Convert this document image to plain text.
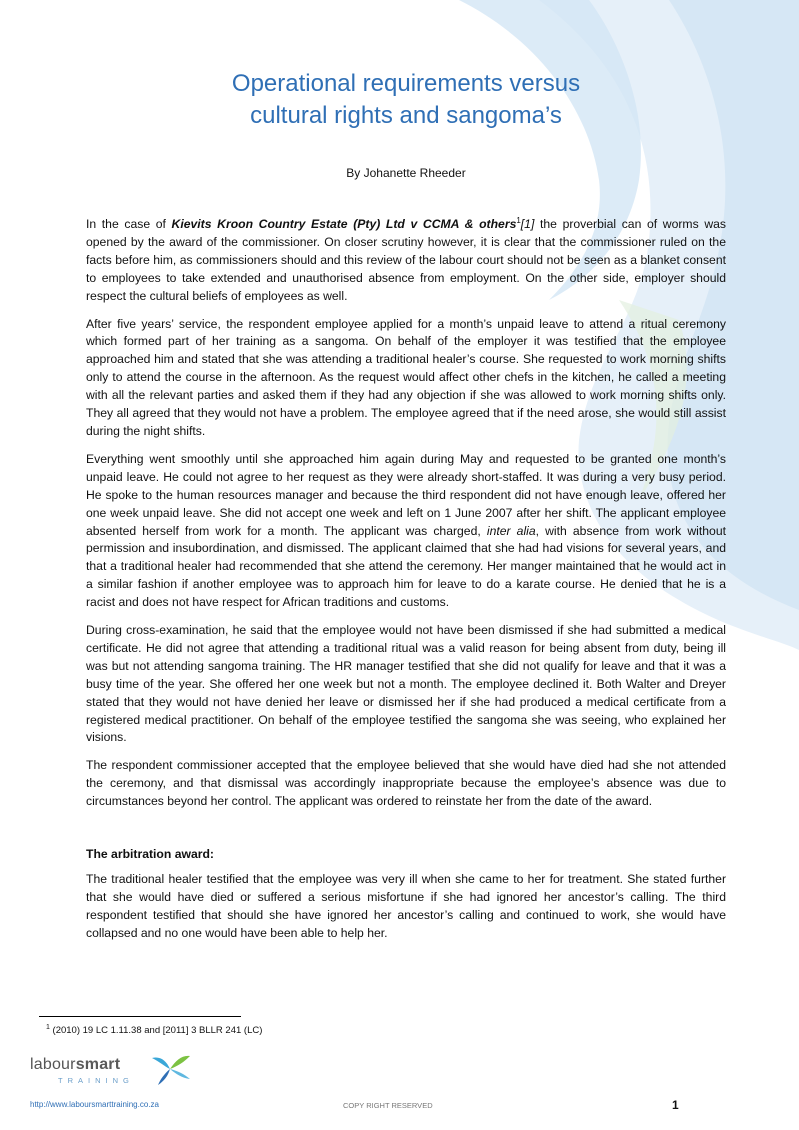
Operational requirements versus
cultural rights and sangoma’s
By Johanette Rheeder

In the case of Kievits Kroon Country Estate (Pty) Ltd v CCMA & others$^1$[1] the proverbial can of worms was opened by the award of the commissioner. On closer scrutiny however, it is clear that the commissioner ruled on the facts before him, as commissioners should and this review of the labour court should not be seen as a blanket consent to employees to take extended and unauthorised absence from employment. On the other side, employer should respect the cultural beliefs of employees as well.

After five years’ service, the respondent employee applied for a month’s unpaid leave to attend a ritual ceremony which formed part of her training as a sangoma. On behalf of the employer it was testified that the employee approached him and stated that she was attending a traditional healer’s course. She requested to work morning shifts only to attend the course in the afternoon. As the request would affect other chefs in the kitchen, he called a meeting with all the relevant parties and asked them if they had any objection if she was allowed to work morning shifts only. They all agreed that they would not have a problem. The employee agreed that if the need arose, she would still assist during the night shifts.

Everything went smoothly until she approached him again during May and requested to be granted one month’s unpaid leave. He could not agree to her request as they were already short-staffed. It was during a very busy period. He spoke to the human resources manager and because the third respondent did not have enough leave, offered her one week unpaid leave. She did not accept one week and left on 1 June 2007 after her shift. The applicant employee absented herself from work for a month. The applicant was charged, inter alia, with absence from work without permission and insubordination, and dismissed. The applicant claimed that she had had visions for several years, and that a traditional healer had recommended that she attend the ceremony. Her manger maintained that he would act in a similar fashion if another employee was to approach him for leave to do a karate course. He denied that he is a racist and does not have respect for African traditions and customs.

During cross-examination, he said that the employee would not have been dismissed if she had submitted a medical certificate. He did not agree that attending a traditional ritual was a valid reason for being absent from duty, being ill was but not attending sangoma training. The HR manager testified that she did not qualify for leave and that it was a busy time of the year. She offered her one week but not a month. The employee declined it. Both Walter and Dreyer stated that they would not have denied her leave or dismissed her if she had produced a medical certificate from a registered medical practitioner. On behalf of the employee testified the sangoma she was seeing, who explained her visions.

The respondent commissioner accepted that the employee believed that she would have died had she not attended the ceremony, and that dismissal was accordingly inappropriate because the employee’s absence was due to circumstances beyond her control. The applicant was ordered to reinstate her from the date of the award.

The arbitration award:

The traditional healer testified that the employee was very ill when she came to her for treatment. She stated further that she would have died or suffered a serious misfortune if she had ignored her ancestor’s calling. The third respondent testified that should she have ignored her ancestor’s calling and continued to work, she would have collapsed and no one would have been able to help her.

$^1$ (2010) 19 LC 1.11.38 and [2011] 3 BLLR 241 (LC)
laboursmart
TRAINING
http://www.laboursmarttraining.co.za	COPY RIGHT RESERVED	1
